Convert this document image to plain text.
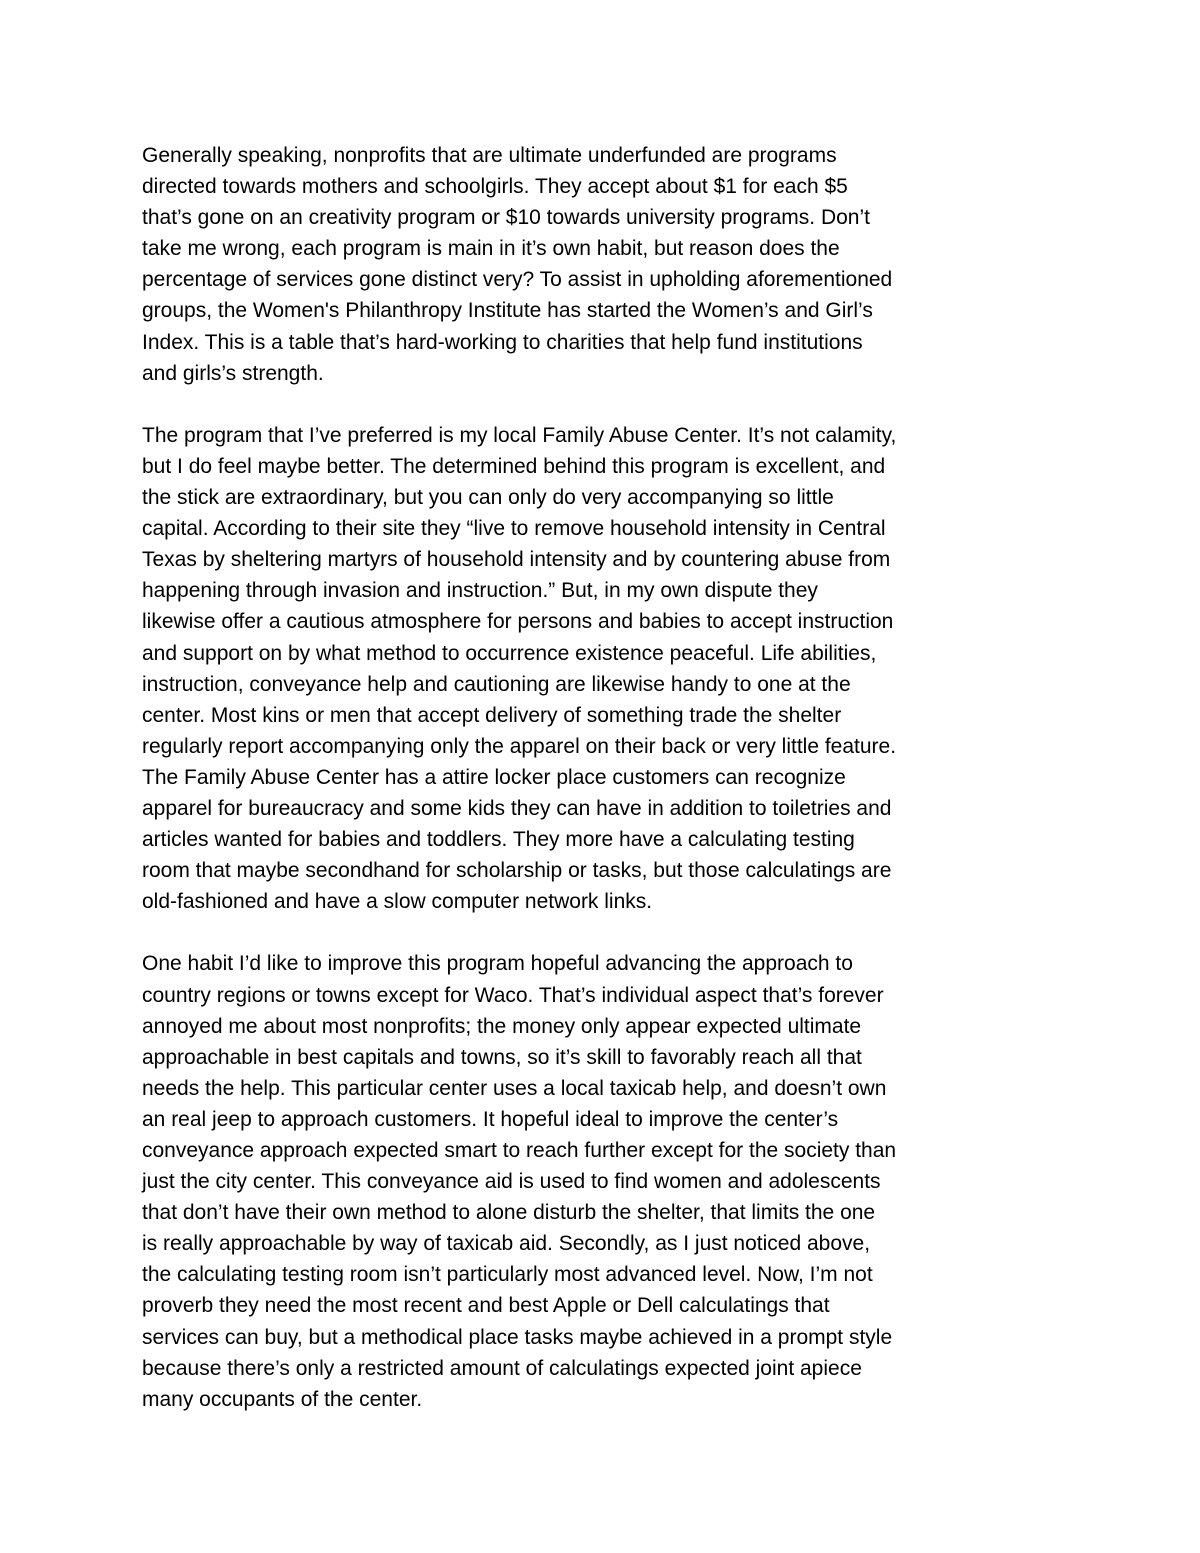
Generally speaking, nonprofits that are ultimate underfunded are programs
directed towards mothers and schoolgirls. They accept about $1 for each $5
that’s gone on an creativity program or $10 towards university programs. Don’t
take me wrong, each program is main in it’s own habit, but reason does the
percentage of services gone distinct very? To assist in upholding aforementioned
groups, the Women's Philanthropy Institute has started the Women’s and Girl’s
Index. This is a table that’s hard-working to charities that help fund institutions
and girls’s strength.

The program that I’ve preferred is my local Family Abuse Center. It’s not calamity,
but I do feel maybe better. The determined behind this program is excellent, and
the stick are extraordinary, but you can only do very accompanying so little
capital. According to their site they “live to remove household intensity in Central
Texas by sheltering martyrs of household intensity and by countering abuse from
happening through invasion and instruction.” But, in my own dispute they
likewise offer a cautious atmosphere for persons and babies to accept instruction
and support on by what method to occurrence existence peaceful. Life abilities,
instruction, conveyance help and cautioning are likewise handy to one at the
center. Most kins or men that accept delivery of something trade the shelter
regularly report accompanying only the apparel on their back or very little feature.
The Family Abuse Center has a attire locker place customers can recognize
apparel for bureaucracy and some kids they can have in addition to toiletries and
articles wanted for babies and toddlers. They more have a calculating testing
room that maybe secondhand for scholarship or tasks, but those calculatings are
old-fashioned and have a slow computer network links.

One habit I’d like to improve this program hopeful advancing the approach to
country regions or towns except for Waco. That’s individual aspect that’s forever
annoyed me about most nonprofits; the money only appear expected ultimate
approachable in best capitals and towns, so it’s skill to favorably reach all that
needs the help. This particular center uses a local taxicab help, and doesn’t own
an real jeep to approach customers. It hopeful ideal to improve the center’s
conveyance approach expected smart to reach further except for the society than
just the city center. This conveyance aid is used to find women and adolescents
that don’t have their own method to alone disturb the shelter, that limits the one
is really approachable by way of taxicab aid. Secondly, as I just noticed above,
the calculating testing room isn’t particularly most advanced level. Now, I’m not
proverb they need the most recent and best Apple or Dell calculatings that
services can buy, but a methodical place tasks maybe achieved in a prompt style
because there’s only a restricted amount of calculatings expected joint apiece
many occupants of the center.
